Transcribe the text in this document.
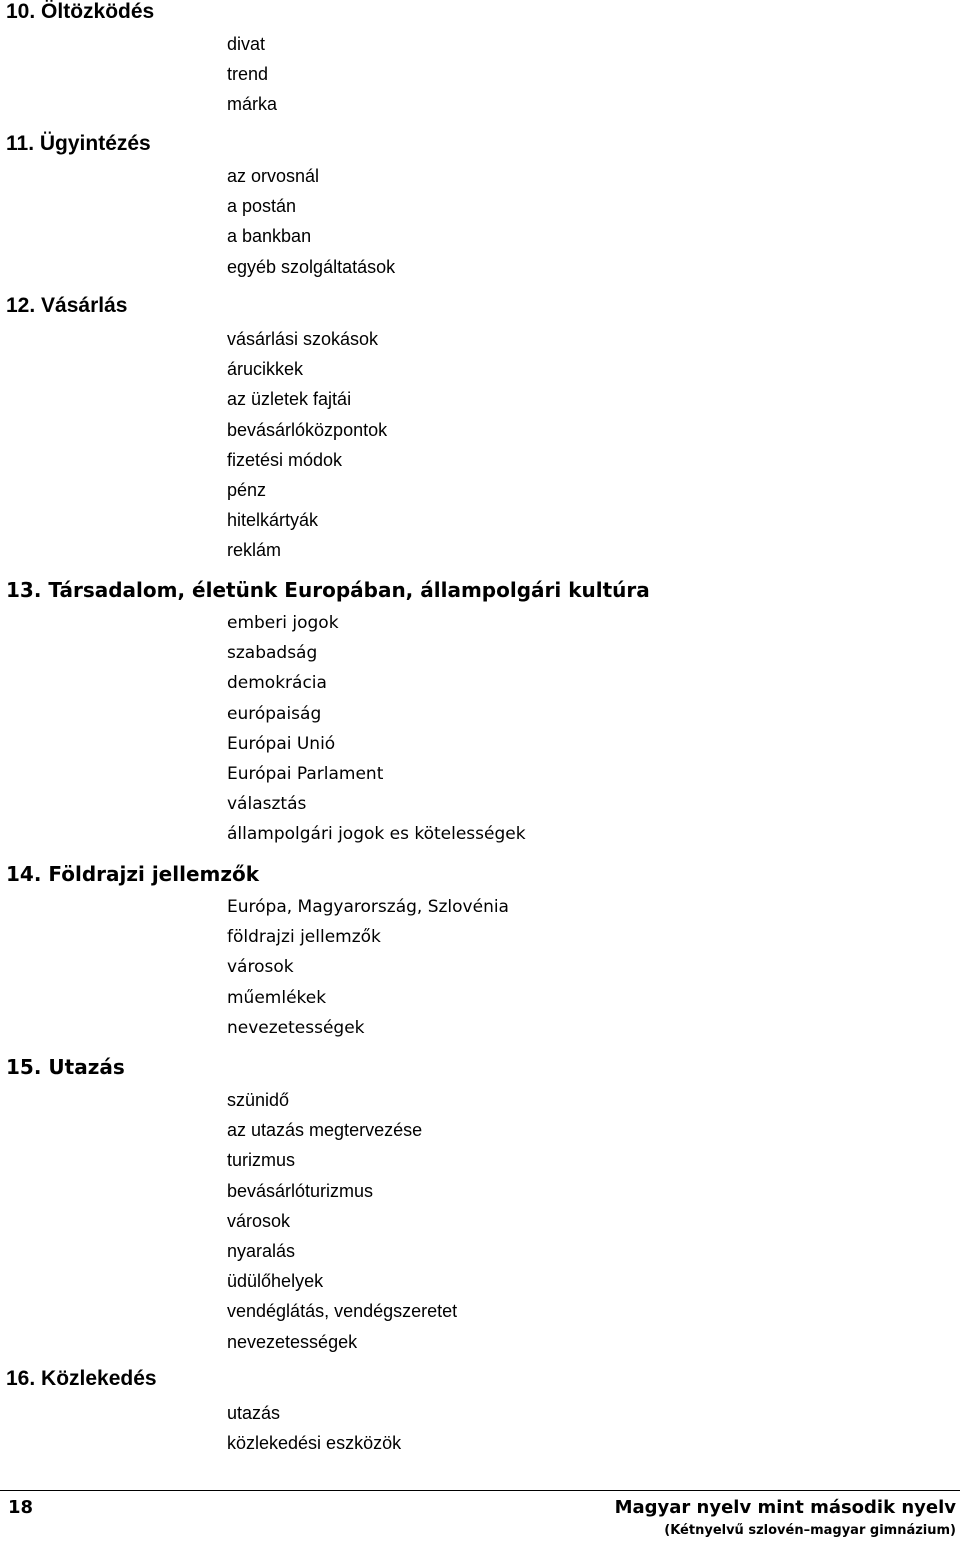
10. Öltözködés
divat
trend
márka
11. Ügyintézés
az orvosnál
a postán
a bankban
egyéb szolgáltatások
12. Vásárlás
vásárlási szokások
árucikkek
az üzletek fajtái
bevásárlóközpontok
fizetési módok
pénz
hitelkártyák
reklám
13. Társadalom, életünk Europában, állampolgári kultúra
emberi jogok
szabadság
demokrácia
európaiság
Európai Unió
Európai Parlament
választás
állampolgári jogok es kötelességek
14. Földrajzi jellemzők
Európa, Magyarország, Szlovénia
földrajzi jellemzők
városok
műemlékek
nevezetességek
15. Utazás
szünidő
az utazás megtervezése
turizmus
bevásárlóturizmus
városok
nyaralás
üdülőhelyek
vendéglátás, vendégszeretet
nevezetességek
16. Közlekedés
utazás
közlekedési eszközök
18	Magyar nyelv mint második nyelv
(Kétnyelvű szlovén–magyar gimnázium)
